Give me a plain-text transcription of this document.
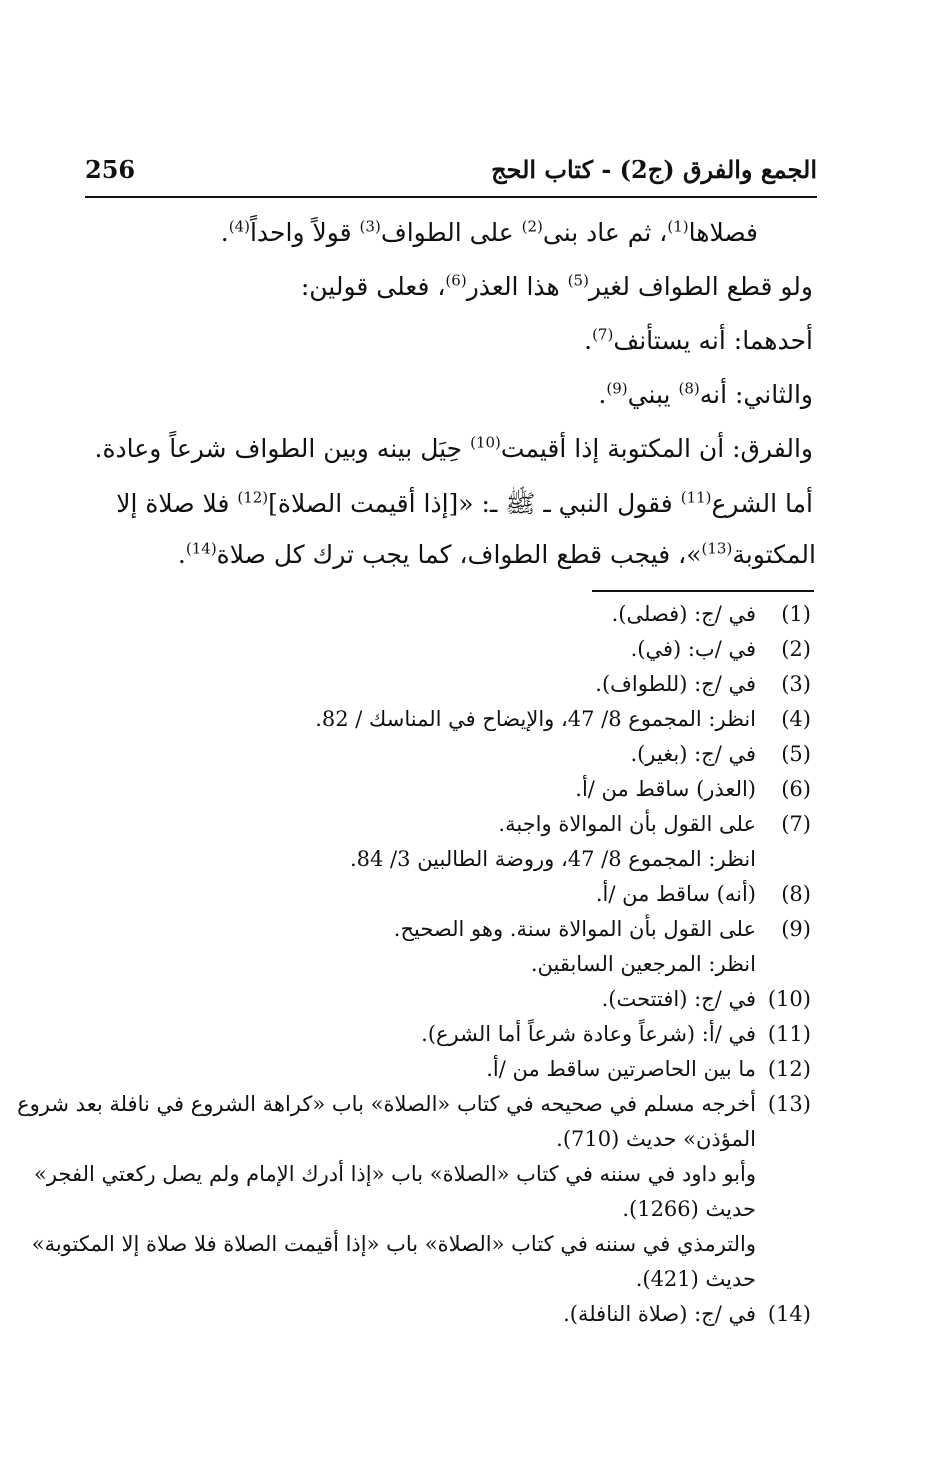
الجمع والفرق (ج2) - كتاب الحج
256
فصلاها$^{(1)}$، ثم عاد بنى$^{(2)}$ على الطواف$^{(3)}$ قولاً واحداً$^{(4)}$.
ولو قطع الطواف لغير$^{(5)}$ هذا العذر$^{(6)}$، فعلى قولين:
أحدهما: أنه يستأنف$^{(7)}$.
والثاني: أنه$^{(8)}$ يبني$^{(9)}$.
والفرق: أن المكتوبة إذا أقيمت$^{(10)}$ حِيَل بينه وبين الطواف شرعاً وعادة.
أما الشرع$^{(11)}$ فقول النبي ـ ﷺ ـ: «[إذا أقيمت الصلاة]$^{(12)}$ فلا صلاة إلا
المكتوبة$^{(13)}$»، فيجب قطع الطواف، كما يجب ترك كل صلاة$^{(14)}$.
(1)
في /ج: (فصلى).
(2)
في /ب: (في).
(3)
في /ج: (للطواف).
(4)
انظر: المجموع 8/ 47، والإيضاح في المناسك / 82.
(5)
في /ج: (بغير).
(6)
(العذر) ساقط من /أ.
(7)
على القول بأن الموالاة واجبة.
انظر: المجموع 8/ 47، وروضة الطالبين 3/ 84.
(8)
(أنه) ساقط من /أ.
(9)
على القول بأن الموالاة سنة. وهو الصحيح.
انظر: المرجعين السابقين.
(10)
في /ج: (افتتحت).
(11)
في /أ: (شرعاً وعادة شرعاً أما الشرع).
(12)
ما بين الحاصرتين ساقط من /أ.
(13)
أخرجه مسلم في صحيحه في كتاب «الصلاة» باب «كراهة الشروع في نافلة بعد شروع
المؤذن» حديث (710).
وأبو داود في سننه في كتاب «الصلاة» باب «إذا أدرك الإمام ولم يصل ركعتي الفجر»
حديث (1266).
والترمذي في سننه في كتاب «الصلاة» باب «إذا أقيمت الصلاة فلا صلاة إلا المكتوبة»
حديث (421).
(14)
في /ج: (صلاة النافلة).
